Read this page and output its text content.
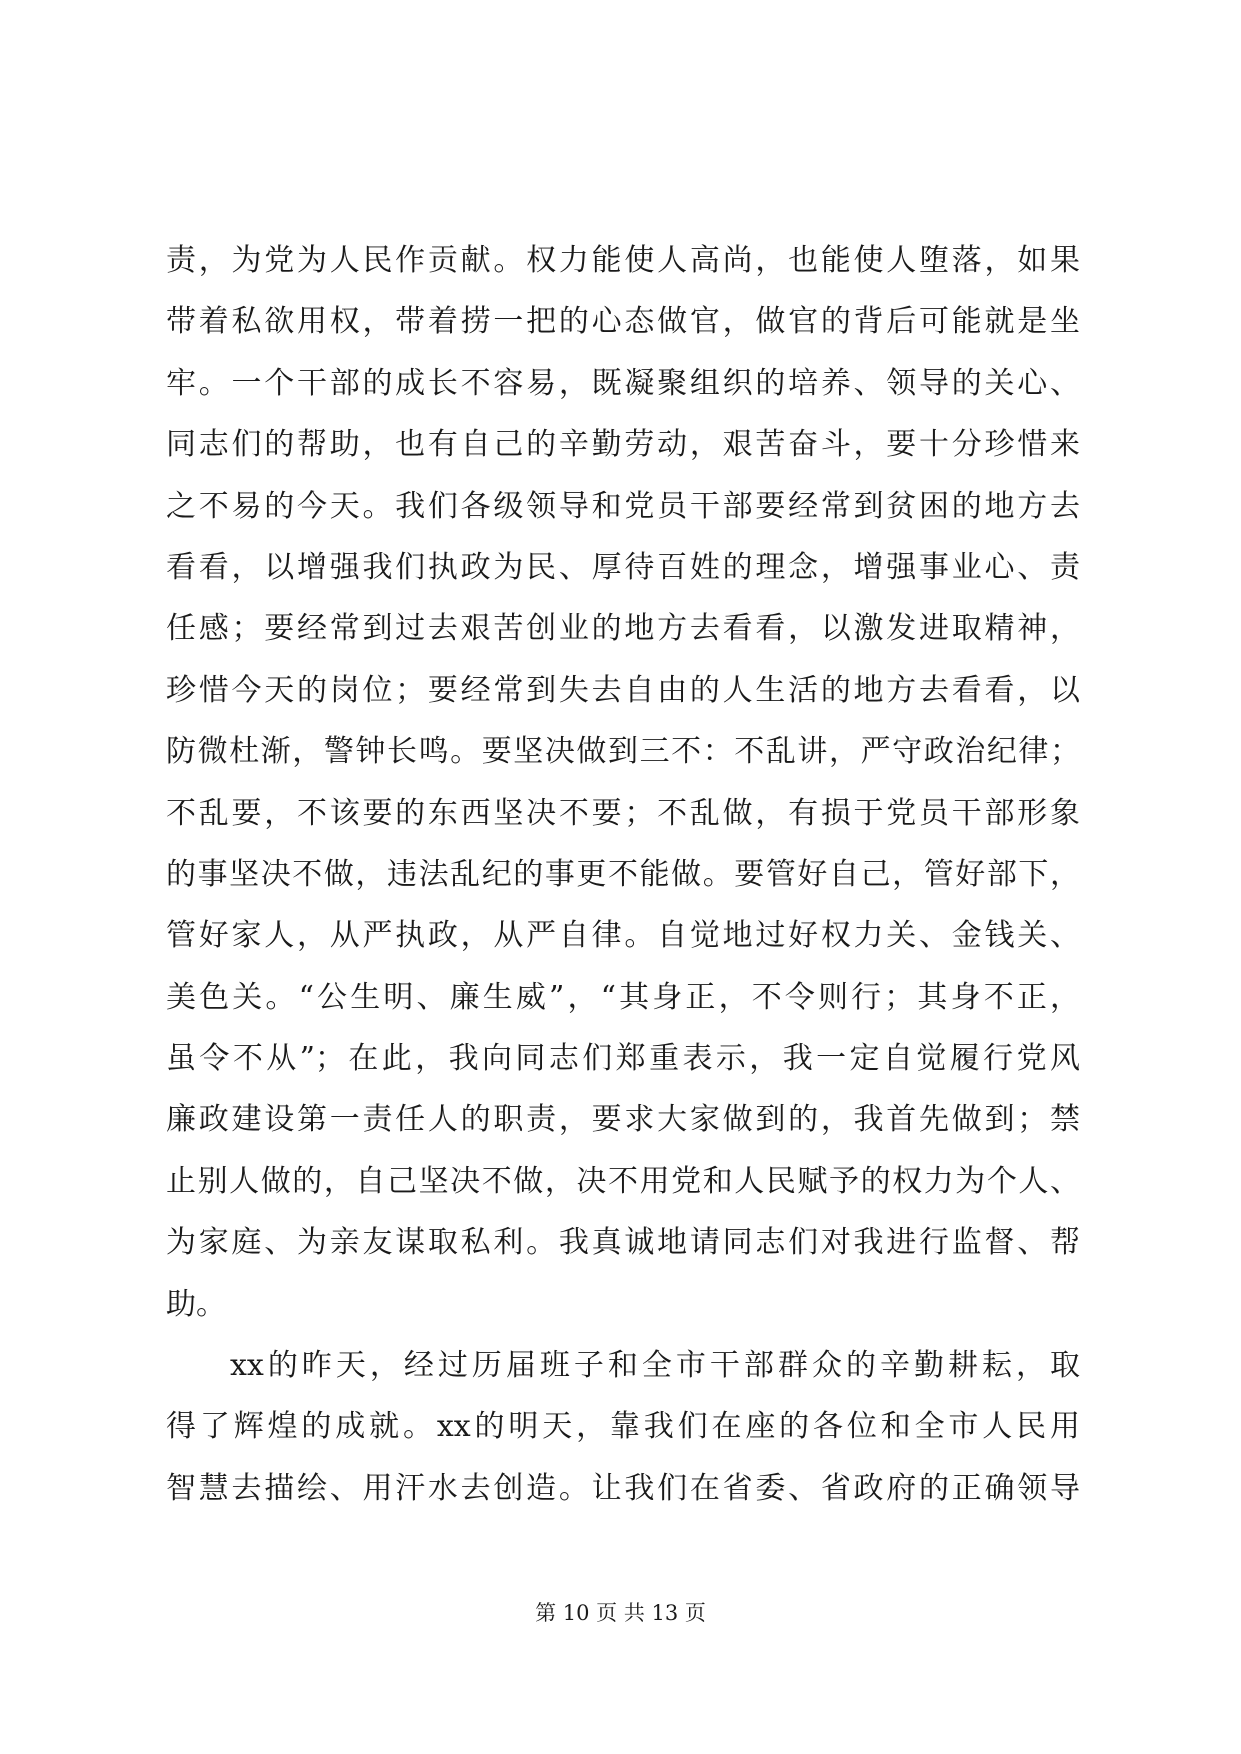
责，为党为人民作贡献。权力能使人高尚，也能使人堕落，如果
带着私欲用权，带着捞一把的心态做官，做官的背后可能就是坐
牢。一个干部的成长不容易，既凝聚组织的培养、领导的关心、
同志们的帮助，也有自己的辛勤劳动，艰苦奋斗，要十分珍惜来
之不易的今天。我们各级领导和党员干部要经常到贫困的地方去
看看，以增强我们执政为民、厚待百姓的理念，增强事业心、责
任感；要经常到过去艰苦创业的地方去看看，以激发进取精神，
珍惜今天的岗位；要经常到失去自由的人生活的地方去看看，以
防微杜渐，警钟长鸣。要坚决做到三不：不乱讲，严守政治纪律；
不乱要，不该要的东西坚决不要；不乱做，有损于党员干部形象
的事坚决不做，违法乱纪的事更不能做。要管好自己，管好部下，
管好家人，从严执政，从严自律。自觉地过好权力关、金钱关、
美色关。“公生明、廉生威”，“其身正，不令则行；其身不正，
虽令不从”；在此，我向同志们郑重表示，我一定自觉履行党风
廉政建设第一责任人的职责，要求大家做到的，我首先做到；禁
止别人做的，自己坚决不做，决不用党和人民赋予的权力为个人、
为家庭、为亲友谋取私利。我真诚地请同志们对我进行监督、帮
助。
xx的昨天，经过历届班子和全市干部群众的辛勤耕耘，取
得了辉煌的成就。xx的明天，靠我们在座的各位和全市人民用
智慧去描绘、用汗水去创造。让我们在省委、省政府的正确领导
第 10 页 共 13 页
